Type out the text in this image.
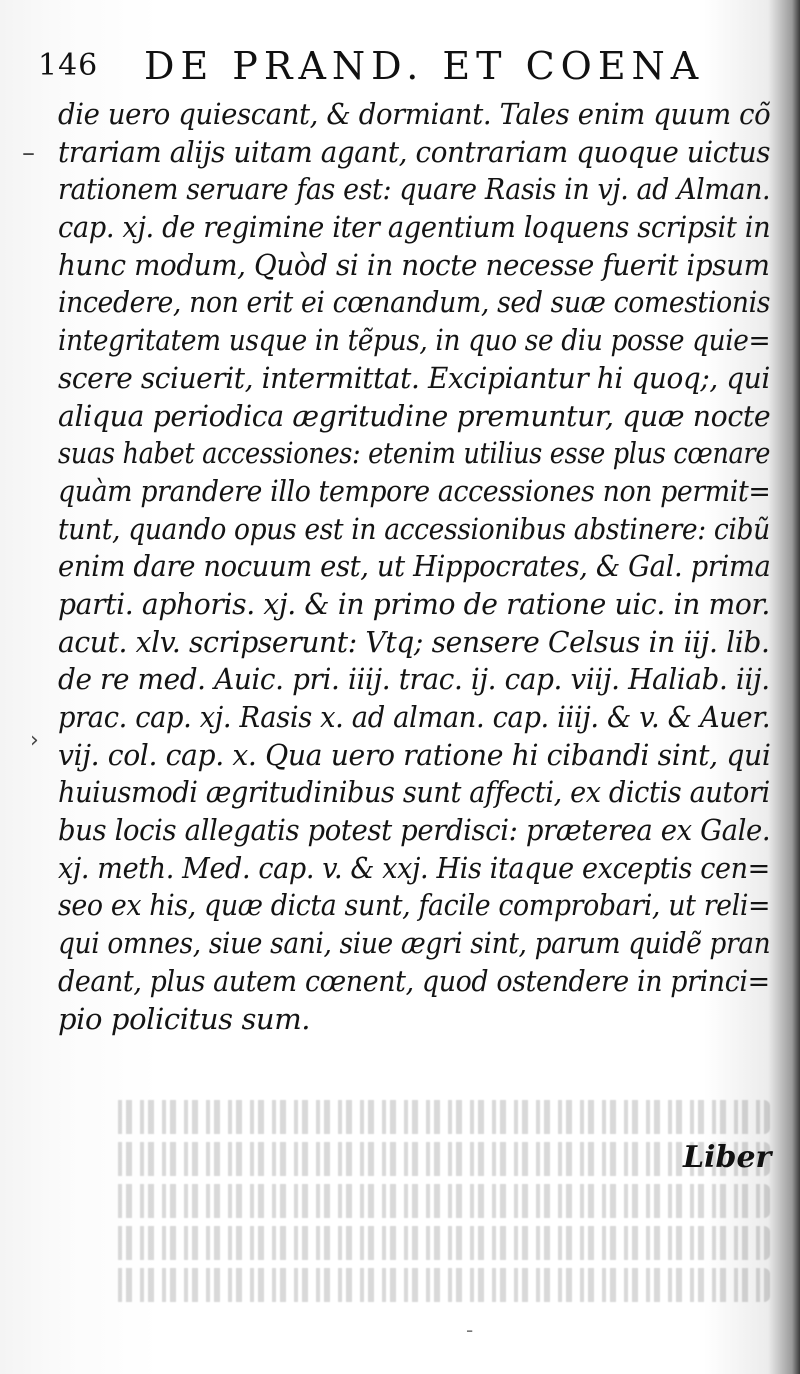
146 DE PRAND. ET COENA
die uero quiescant, & dormiant. Tales enim quum cõ
trariam alijs uitam agant, contrariam quoque uictus
rationem seruare fas est: quare Rasis in vj. ad Alman.
cap. xj. de regimine iter agentium loquens scripsit in
hunc modum, Quòd si in nocte necesse fuerit ipsum
incedere, non erit ei cœnandum, sed suæ comestionis
integritatem usque in tẽpus, in quo se diu posse quie=
scere sciuerit, intermittat. Excipiantur hi quoq;, qui
aliqua periodica ægritudine premuntur, quæ nocte
suas habet accessiones: etenim utilius esse plus cœnare
quàm prandere illo tempore accessiones non permit=
tunt, quando opus est in accessionibus abstinere: cibũ
enim dare nocuum est, ut Hippocrates, & Gal. prima
parti. aphoris. xj. & in primo de ratione uic. in mor.
acut. xlv. scripserunt: Vtq; sensere Celsus in iij. lib.
de re med. Auic. pri. iiij. trac. ij. cap. viij. Haliab. iij.
prac. cap. xj. Rasis x. ad alman. cap. iiij. & v. & Auer.
vij. col. cap. x. Qua uero ratione hi cibandi sint, qui
huiusmodi ægritudinibus sunt affecti, ex dictis autori
bus locis allegatis potest perdisci: præterea ex Gale.
xj. meth. Med. cap. v. & xxj. His itaque exceptis cen=
seo ex his, quæ dicta sunt, facile comprobari, ut reli=
qui omnes, siue sani, siue ægri sint, parum quidẽ pran
deant, plus autem cœnent, quod ostendere in princi=
pio policitus sum.
Liber
–
›
-
